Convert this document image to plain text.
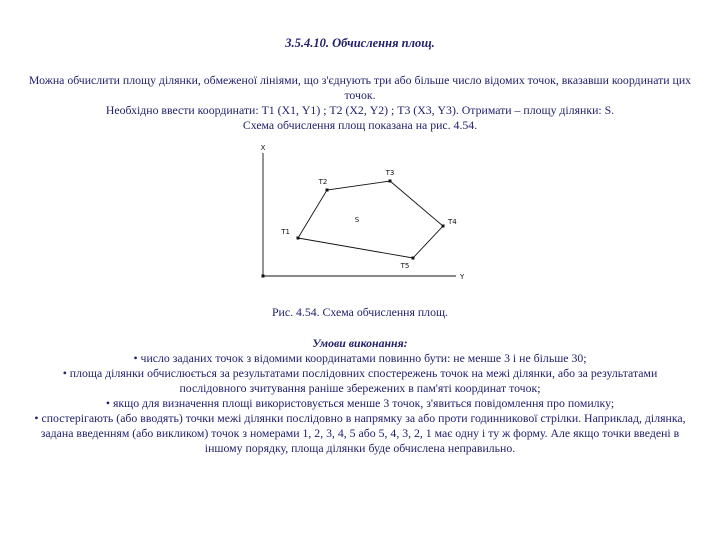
3.5.4.10. Обчислення площ.

Можна обчислити площу ділянки, обмеженої лініями, що з'єднують три або більше число відомих точок, вказавши координати цих точок.

Необхідно ввести координати: Т1 (Х1, Y1) ; Т2 (Х2, Y2) ; Т3 (Х3, Y3). Отримати – площу ділянки: S.

Схема обчислення площ показана на рис. 4.54.

X
Y
T1
T2
T3
T4
T5
S

Рис. 4.54. Схема обчислення площ.

Умови виконання:

• число заданих точок з відомими координатами повинно бути: не менше 3 і не більше 30;

• площа ділянки обчислюється за результатами послідовних спостережень точок на межі ділянки, або за результатами послідовного зчитування раніше збережених в пам'яті координат точок;

• якщо для визначення площі використовується менше 3 точок, з'явиться повідомлення про помилку;

• спостерігають (або вводять) точки межі ділянки послідовно в напрямку за або проти годинникової стрілки. Наприклад, ділянка, задана введенням (або викликом) точок з номерами 1, 2, 3, 4, 5 або 5, 4, 3, 2, 1 має одну і ту ж форму. Але якщо точки введені в іншому порядку, площа ділянки буде обчислена неправильно.
